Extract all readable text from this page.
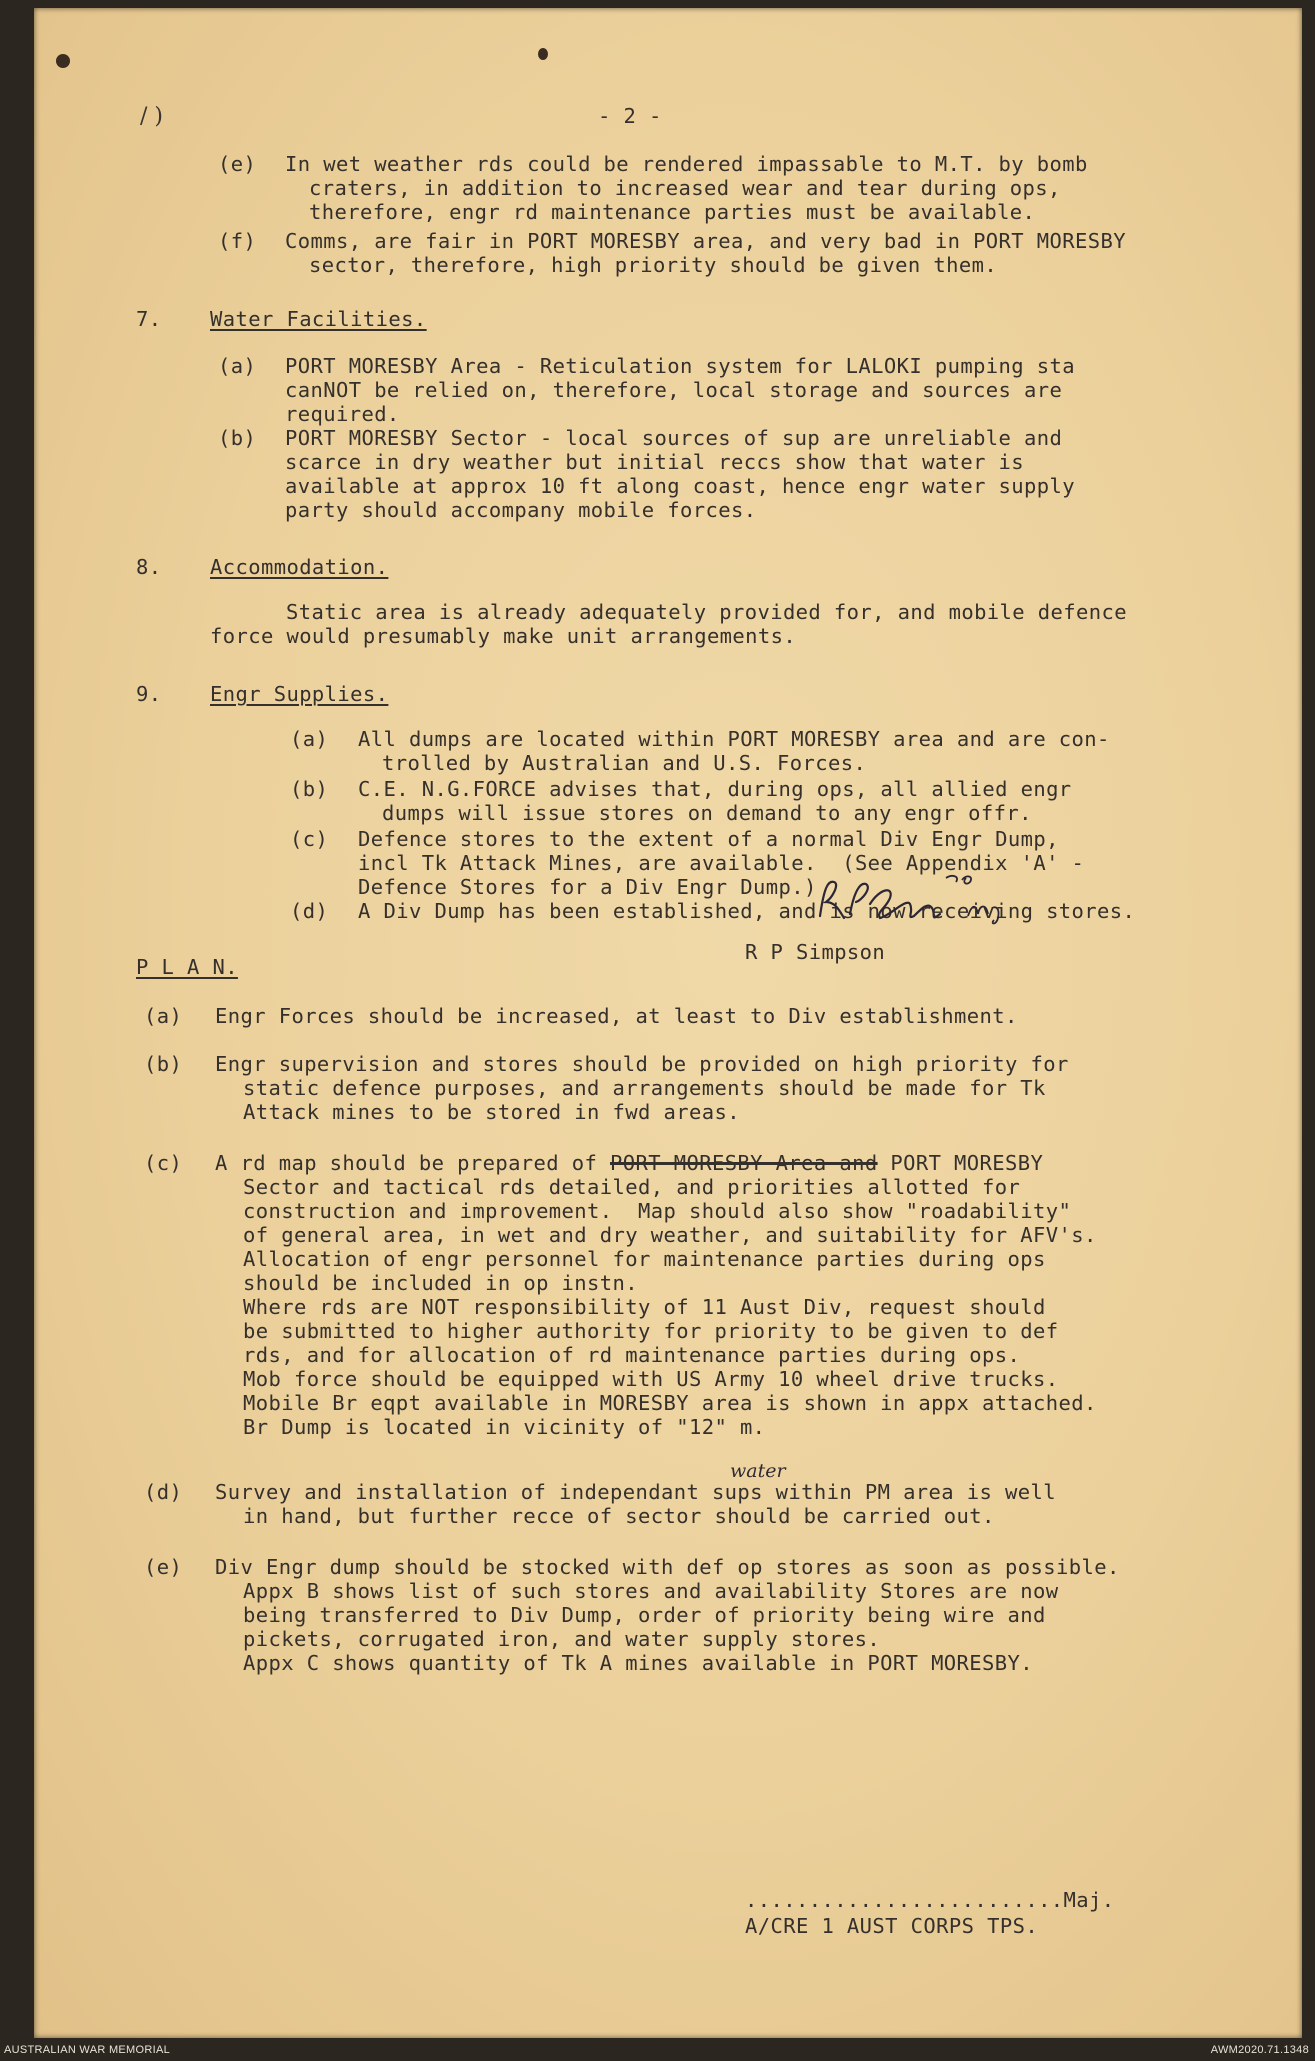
/ )	- 2 -
(e) In wet weather rds could be rendered impassable to M.T. by bomb
craters, in addition to increased wear and tear during ops,
therefore, engr rd maintenance parties must be available.
(f) Comms, are fair in PORT MORESBY area, and very bad in PORT MORESBY
sector, therefore, high priority should be given them.
7. Water Facilities.
(a) PORT MORESBY Area - Reticulation system for LALOKI pumping sta
canNOT be relied on, therefore, local storage and sources are
required.
(b) PORT MORESBY Sector - local sources of sup are unreliable and
scarce in dry weather but initial reccs show that water is
available at approx 10 ft along coast, hence engr water supply
party should accompany mobile forces.
8. Accommodation.
Static area is already adequately provided for, and mobile defence
force would presumably make unit arrangements.
9. Engr Supplies.
(a) All dumps are located within PORT MORESBY area and are con-
trolled by Australian and U.S. Forces.
(b) C.E. N.G.FORCE advises that, during ops, all allied engr
dumps will issue stores on demand to any engr offr.
(c) Defence stores to the extent of a normal Div Engr Dump,
incl Tk Attack Mines, are available.  (See Appendix 'A' -
Defence Stores for a Div Engr Dump.)
(d) A Div Dump has been established, and is now receiving stores.
P L A N.
(a) Engr Forces should be increased, at least to Div establishment.
(b) Engr supervision and stores should be provided on high priority for
static defence purposes, and arrangements should be made for Tk
Attack mines to be stored in fwd areas.
(c) A rd map should be prepared of PORT MORESBY Area and PORT MORESBY
Sector and tactical rds detailed, and priorities allotted for
construction and improvement.  Map should also show "roadability"
of general area, in wet and dry weather, and suitability for AFV's.
Allocation of engr personnel for maintenance parties during ops
should be included in op instn.
Where rds are NOT responsibility of 11 Aust Div, request should
be submitted to higher authority for priority to be given to def
rds, and for allocation of rd maintenance parties during ops.
Mob force should be equipped with US Army 10 wheel drive trucks.
Mobile Br eqpt available in MORESBY area is shown in appx attached.
Br Dump is located in vicinity of "12" m.
water
(d) Survey and installation of independant sups within PM area is well
in hand, but further recce of sector should be carried out.
(e) Div Engr dump should be stocked with def op stores as soon as possible.
Appx B shows list of such stores and availability Stores are now
being transferred to Div Dump, order of priority being wire and
pickets, corrugated iron, and water supply stores.
Appx C shows quantity of Tk A mines available in PORT MORESBY.
R P Simpson
.........................Maj.
A/CRE 1 AUST CORPS TPS.
AUSTRALIAN WAR MEMORIAL	AWM2020.71.1348
